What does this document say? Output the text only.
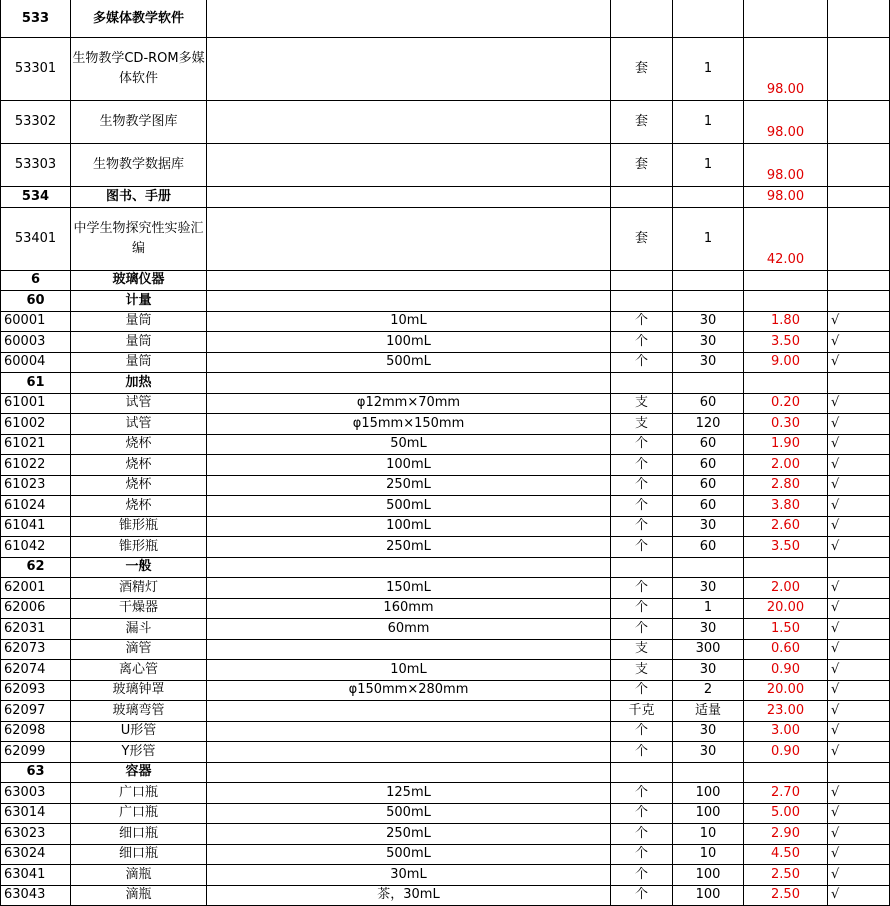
533	多媒体教学软件					
53301	生物教学CD-ROM多媒体软件		套	1	98.00	
53302	生物教学图库		套	1	98.00	
53303	生物教学数据库		套	1	98.00	
534	图书、手册				98.00	
53401	中学生物探究性实验汇编		套	1	42.00	
6	玻璃仪器					
60	计量					
60001	量筒	10mL	个	30	1.80	√
60003	量筒	100mL	个	30	3.50	√
60004	量筒	500mL	个	30	9.00	√
61	加热					
61001	试管	φ12mm×70mm	支	60	0.20	√
61002	试管	φ15mm×150mm	支	120	0.30	√
61021	烧杯	50mL	个	60	1.90	√
61022	烧杯	100mL	个	60	2.00	√
61023	烧杯	250mL	个	60	2.80	√
61024	烧杯	500mL	个	60	3.80	√
61041	锥形瓶	100mL	个	30	2.60	√
61042	锥形瓶	250mL	个	60	3.50	√
62	一般					
62001	酒精灯	150mL	个	30	2.00	√
62006	干燥器	160mm	个	1	20.00	√
62031	漏斗	60mm	个	30	1.50	√
62073	滴管		支	300	0.60	√
62074	离心管	10mL	支	30	0.90	√
62093	玻璃钟罩	φ150mm×280mm	个	2	20.00	√
62097	玻璃弯管		千克	适量	23.00	√
62098	U形管		个	30	3.00	√
62099	Y形管		个	30	0.90	√
63	容器					
63003	广口瓶	125mL	个	100	2.70	√
63014	广口瓶	500mL	个	100	5.00	√
63023	细口瓶	250mL	个	10	2.90	√
63024	细口瓶	500mL	个	10	4.50	√
63041	滴瓶	30mL	个	100	2.50	√
63043	滴瓶	茶，30mL	个	100	2.50	√
